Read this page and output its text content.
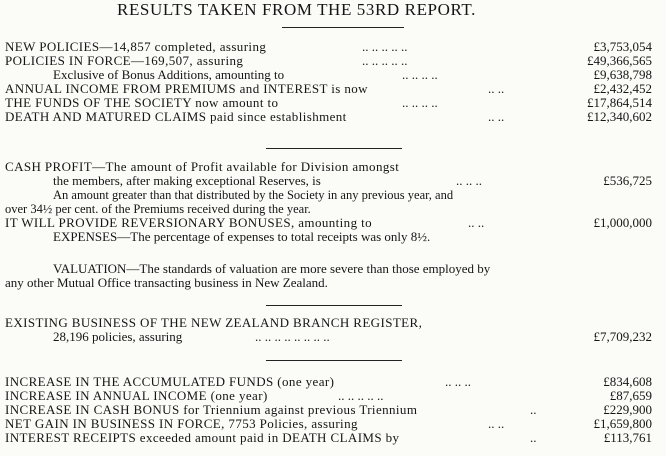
RESULTS TAKEN FROM THE 53RD REPORT.
NEW POLICIES—14,857 completed, assuring	.. .. .. .. ..	£3,753,054
POLICIES IN FORCE—169,507, assuring	.. .. .. .. ..	£49,366,565
Exclusive of Bonus Additions, amounting to	.. .. .. ..	£9,638,798
ANNUAL INCOME FROM PREMIUMS and INTEREST is now	.. ..	£2,432,452
THE FUNDS OF THE SOCIETY now amount to	.. .. .. ..	£17,864,514
DEATH AND MATURED CLAIMS paid since establishment	.. ..	£12,340,602
CASH PROFIT—The amount of Profit available for Division amongst
the members, after making exceptional Reserves, is	.. .. ..	£536,725
An amount greater than that distributed by the Society in any previous year, and
over 34½ per cent. of the Premiums received during the year.
IT WILL PROVIDE REVERSIONARY BONUSES, amounting to	.. ..	£1,000,000
EXPENSES—The percentage of expenses to total receipts was only 8½.
VALUATION—The standards of valuation are more severe than those employed by
any other Mutual Office transacting business in New Zealand.
EXISTING BUSINESS OF THE NEW ZEALAND BRANCH REGISTER,
28,196 policies, assuring	.. .. .. .. .. .. .. ..	£7,709,232
INCREASE IN THE ACCUMULATED FUNDS (one year)	.. .. ..	£834,608
INCREASE IN ANNUAL INCOME (one year)	.. .. .. .. ..	£87,659
INCREASE IN CASH BONUS for Triennium against previous Triennium	..	£229,900
NET GAIN IN BUSINESS IN FORCE, 7753 Policies, assuring	.. ..	£1,659,800
INTEREST RECEIPTS exceeded amount paid in DEATH CLAIMS by	..	£113,761
